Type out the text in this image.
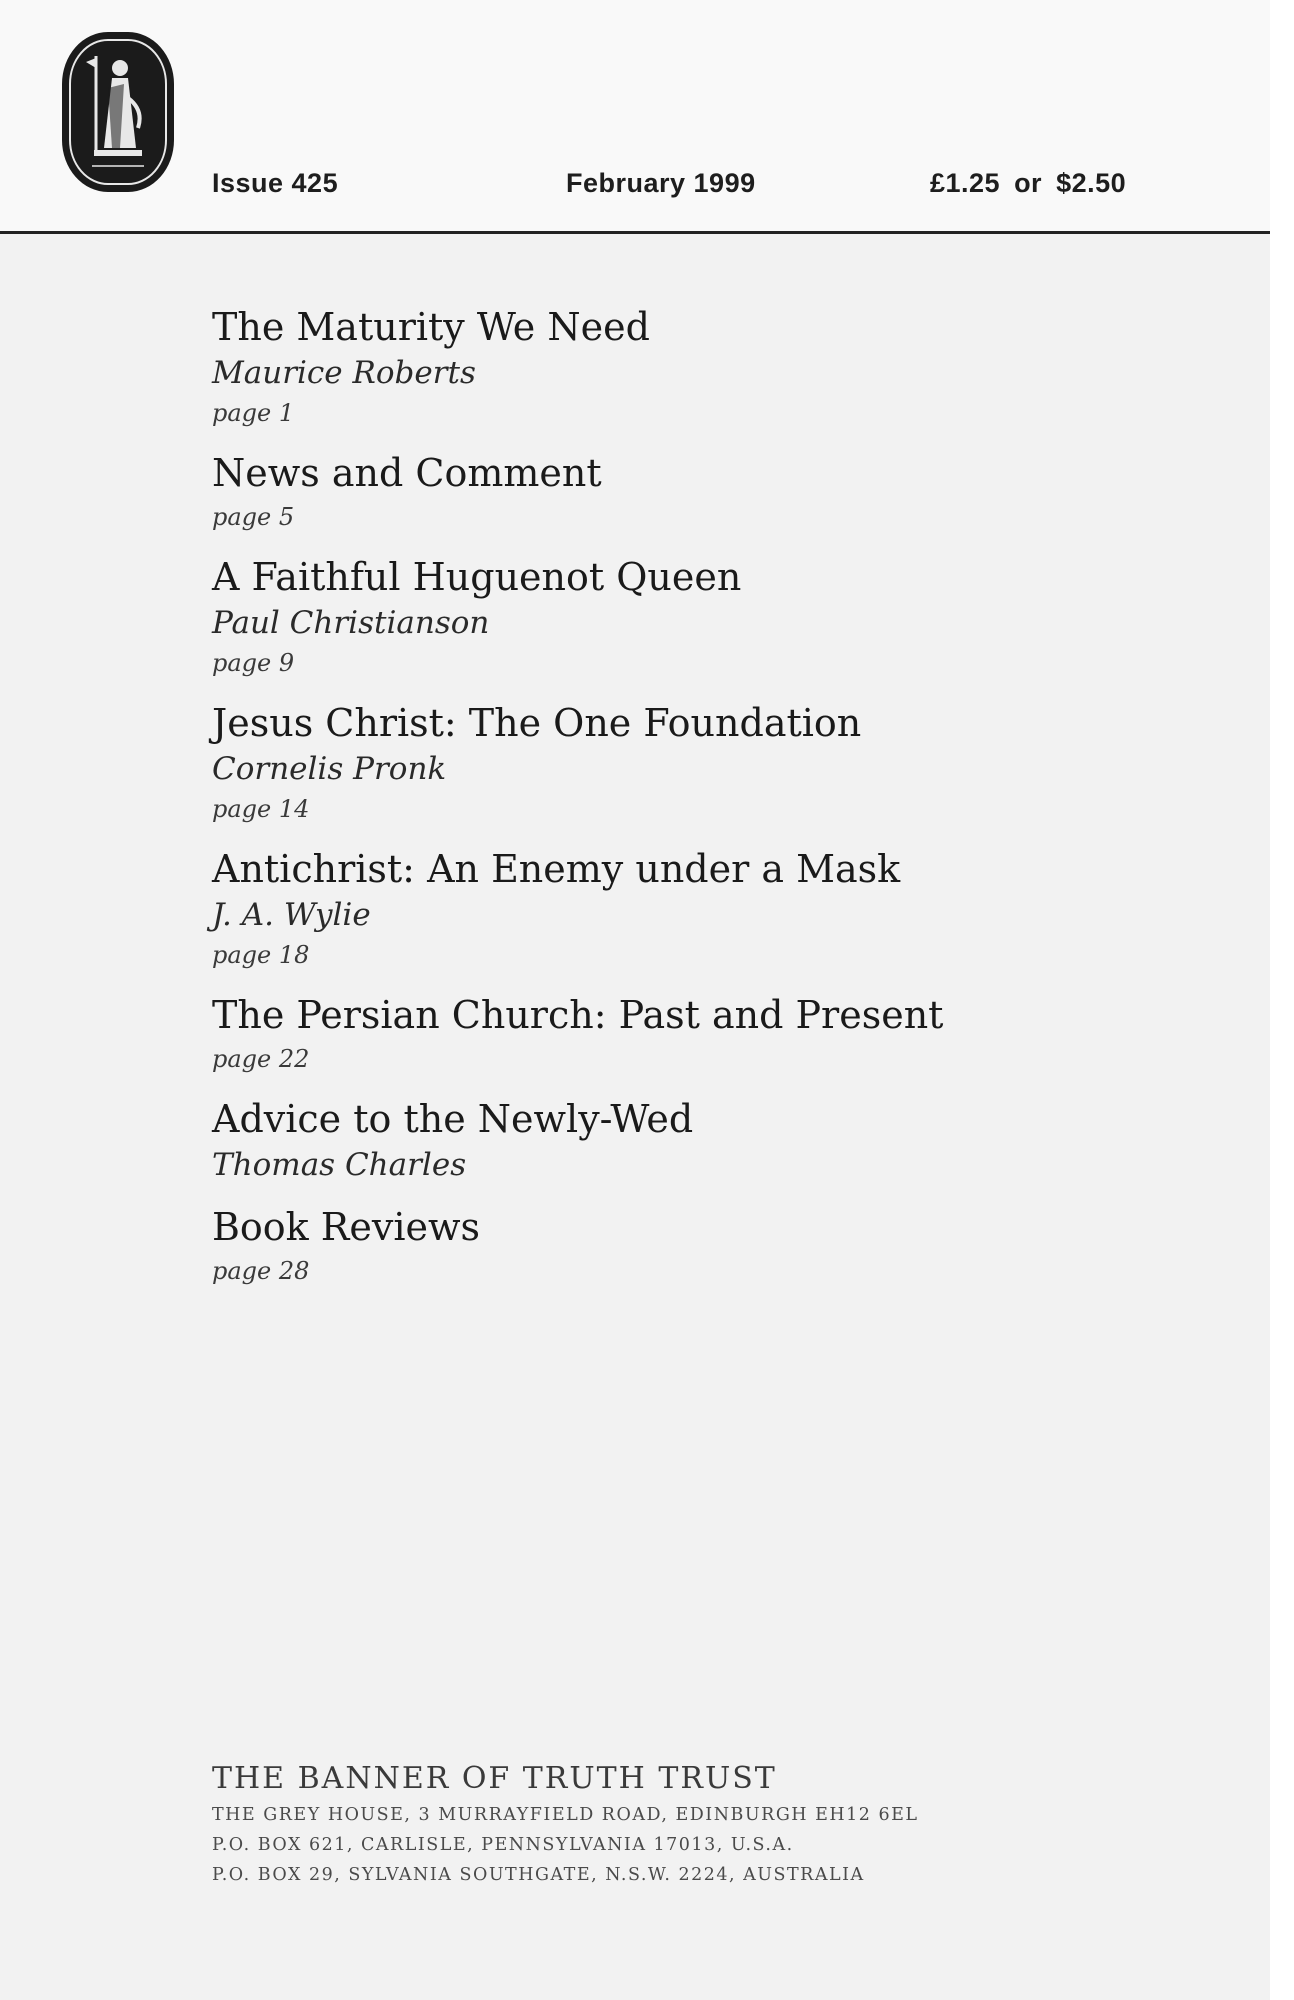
Issue 425	February 1999	£1.25 or $2.50
The Maturity We Need
Maurice Roberts
page 1
News and Comment
page 5
A Faithful Huguenot Queen
Paul Christianson
page 9
Jesus Christ: The One Foundation
Cornelis Pronk
page 14
Antichrist: An Enemy under a Mask
J. A. Wylie
page 18
The Persian Church: Past and Present
page 22
Advice to the Newly-Wed
Thomas Charles
Book Reviews
page 28
THE BANNER OF TRUTH TRUST
THE GREY HOUSE, 3 MURRAYFIELD ROAD, EDINBURGH EH12 6EL
P.O. BOX 621, CARLISLE, PENNSYLVANIA 17013, U.S.A.
P.O. BOX 29, SYLVANIA SOUTHGATE, N.S.W. 2224, AUSTRALIA
